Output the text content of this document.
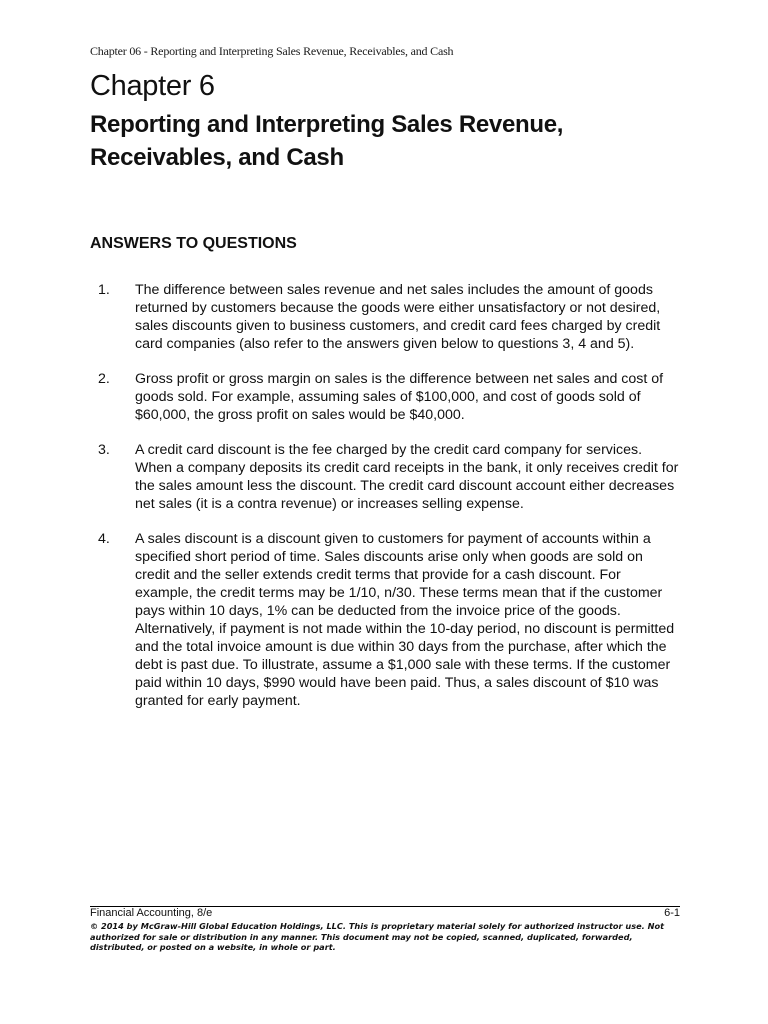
Chapter 06 - Reporting and Interpreting Sales Revenue, Receivables, and Cash
Chapter 6
Reporting and Interpreting Sales Revenue, Receivables, and Cash
ANSWERS TO QUESTIONS
1. The difference between sales revenue and net sales includes the amount of goods returned by customers because the goods were either unsatisfactory or not desired, sales discounts given to business customers, and credit card fees charged by credit card companies (also refer to the answers given below to questions 3, 4 and 5).
2. Gross profit or gross margin on sales is the difference between net sales and cost of goods sold. For example, assuming sales of $100,000, and cost of goods sold of $60,000, the gross profit on sales would be $40,000.
3. A credit card discount is the fee charged by the credit card company for services. When a company deposits its credit card receipts in the bank, it only receives credit for the sales amount less the discount. The credit card discount account either decreases net sales (it is a contra revenue) or increases selling expense.
4. A sales discount is a discount given to customers for payment of accounts within a specified short period of time. Sales discounts arise only when goods are sold on credit and the seller extends credit terms that provide for a cash discount. For example, the credit terms may be 1/10, n/30. These terms mean that if the customer pays within 10 days, 1% can be deducted from the invoice price of the goods. Alternatively, if payment is not made within the 10-day period, no discount is permitted and the total invoice amount is due within 30 days from the purchase, after which the debt is past due. To illustrate, assume a $1,000 sale with these terms. If the customer paid within 10 days, $990 would have been paid. Thus, a sales discount of $10 was granted for early payment.
Financial Accounting, 8/e	6-1
© 2014 by McGraw-Hill Global Education Holdings, LLC. This is proprietary material solely for authorized instructor use. Not authorized for sale or distribution in any manner. This document may not be copied, scanned, duplicated, forwarded, distributed, or posted on a website, in whole or part.
